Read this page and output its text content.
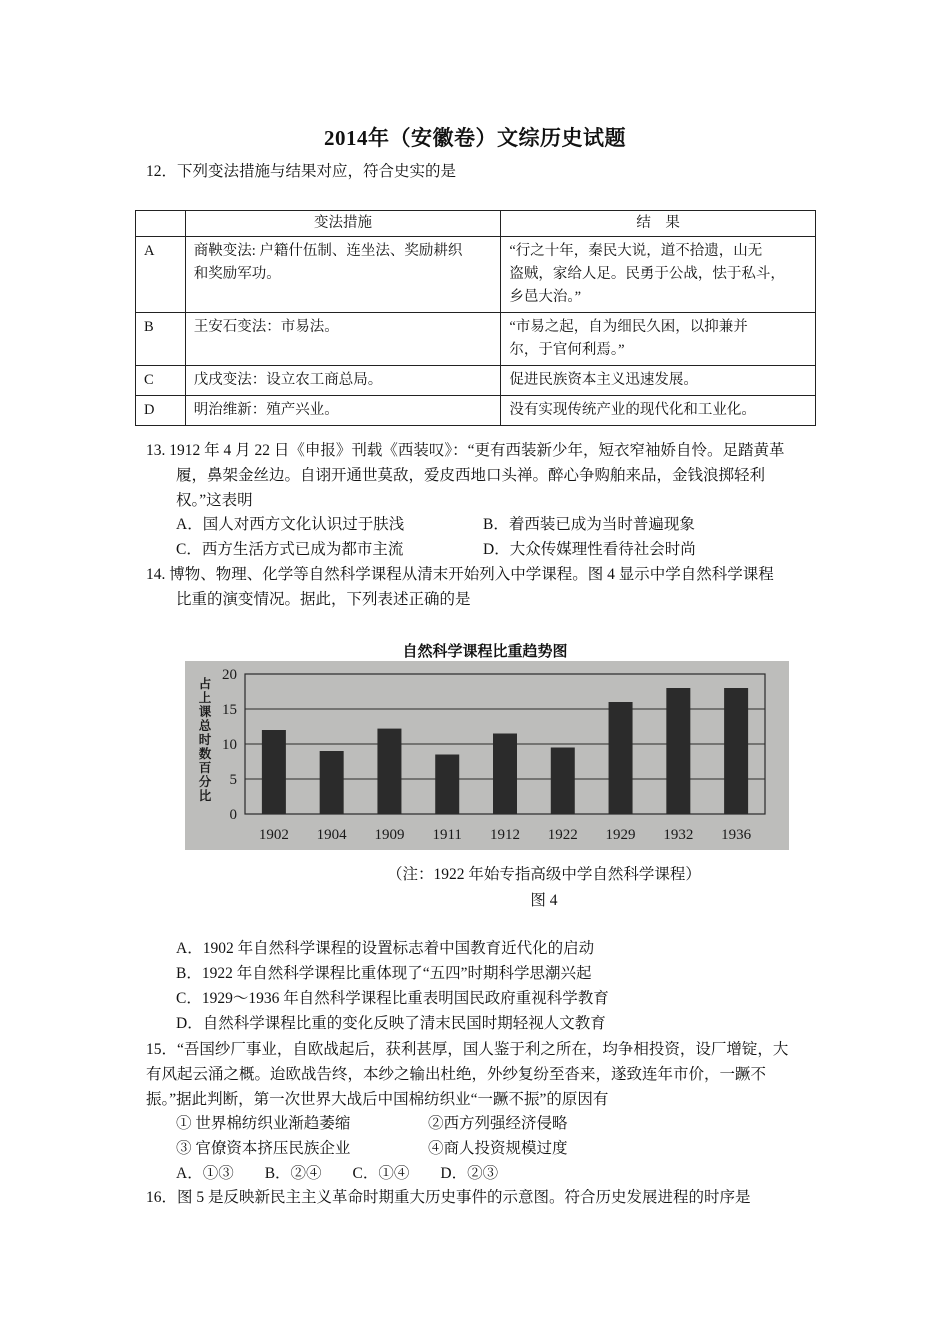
2014年（安徽卷）文综历史试题
12．下列变法措施与结果对应，符合史实的是
	变法措施	结　果
A	商鞅变法: 户籍什伍制、连坐法、奖励耕织
和奖励军功。	“行之十年，秦民大说，道不拾遗，山无
盗贼，家给人足。民勇于公战，怯于私斗，
乡邑大治。”
B	王安石变法：市易法。	“市易之起，自为细民久困，以抑兼并
尔，于官何利焉。”
C	戊戌变法：设立农工商总局。	促进民族资本主义迅速发展。
D	明治维新：殖产兴业。	没有实现传统产业的现代化和工业化。
13. 1912 年 4 月 22 日《申报》刊载《西装叹》：“更有西装新少年，短衣窄袖娇自怜。足踏黄革
履，鼻架金丝边。自诩开通世莫敌，爱皮西地口头禅。醉心争购舶来品，金钱浪掷轻利
权。”这表明
A．国人对西方文化认识过于肤浅	B．着西装已成为当时普遍现象
C．西方生活方式已成为都市主流	D．大众传媒理性看待社会时尚
14. 博物、物理、化学等自然科学课程从清末开始列入中学课程。图 4 显示中学自然科学课程
比重的演变情况。据此，下列表述正确的是
自然科学课程比重趋势图
0
5
10
15
20
占
上
课
总
时
数
百
分
比
1902 1904 1909 1911 1912 1922 1929 1932 1936
（注：1922 年始专指高级中学自然科学课程）
图 4
A．1902 年自然科学课程的设置标志着中国教育近代化的启动
B．1922 年自然科学课程比重体现了“五四”时期科学思潮兴起
C．1929～1936 年自然科学课程比重表明国民政府重视科学教育
D．自然科学课程比重的变化反映了清末民国时期轻视人文教育
15．“吾国纱厂事业，自欧战起后，获利甚厚，国人鉴于利之所在，均争相投资，设厂增锭，大
有风起云涌之概。迨欧战告终，本纱之输出杜绝，外纱复纷至沓来，遂致连年市价，一蹶不
振。”据此判断，第一次世界大战后中国棉纺织业“一蹶不振”的原因有
① 世界棉纺织业渐趋萎缩	②西方列强经济侵略
③ 官僚资本挤压民族企业	④商人投资规模过度
A．①③　　B．②④　　C．①④　　D．②③
16．图 5 是反映新民主主义革命时期重大历史事件的示意图。符合历史发展进程的时序是
